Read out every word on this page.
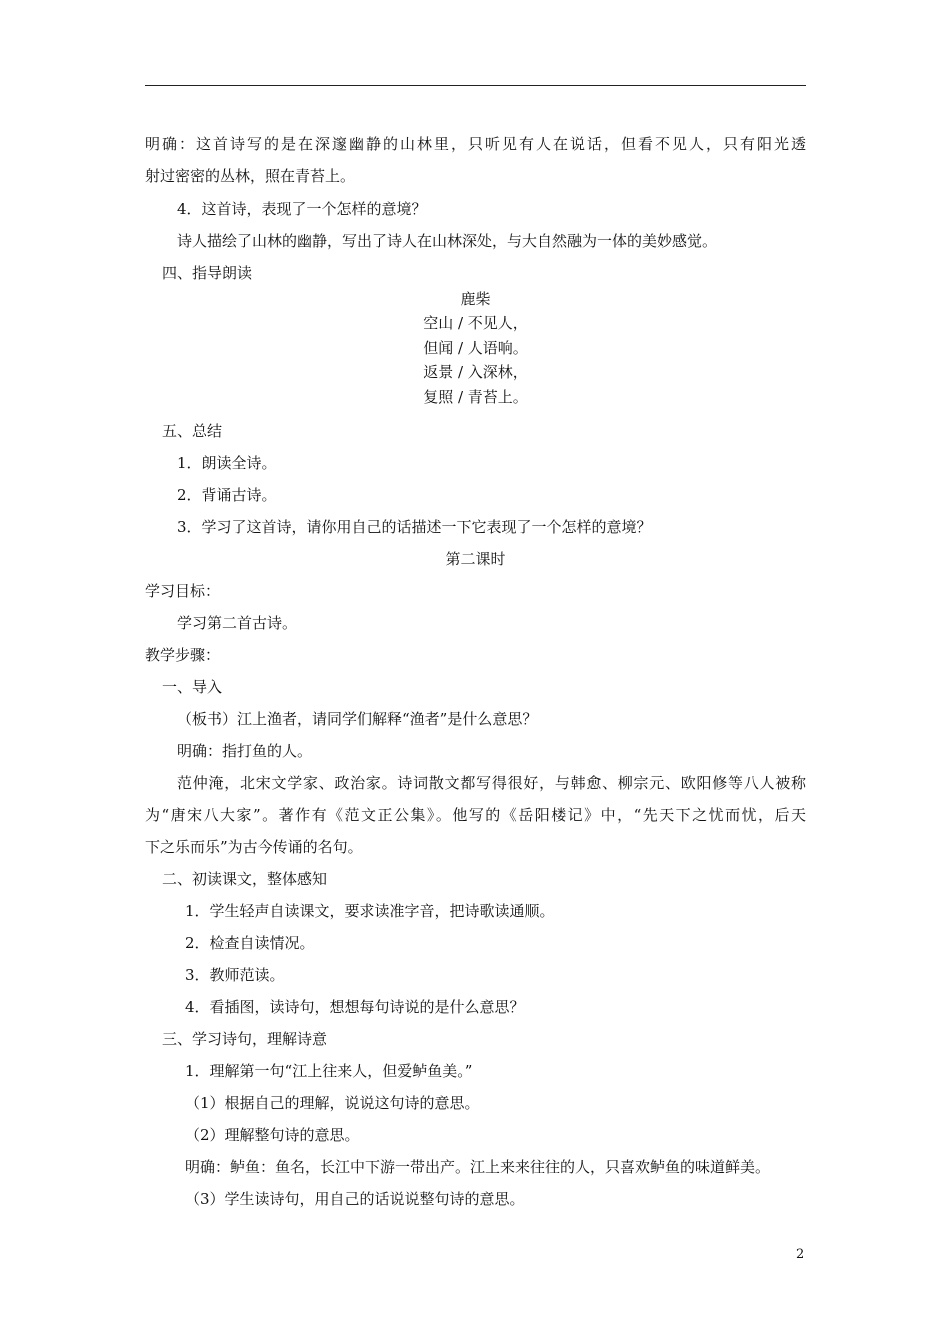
明确：这首诗写的是在深邃幽静的山林里，只听见有人在说话，但看不见人，只有阳光透
射过密密的丛林，照在青苔上。
4．这首诗，表现了一个怎样的意境？
诗人描绘了山林的幽静，写出了诗人在山林深处，与大自然融为一体的美妙感觉。
四、指导朗读
鹿柴
空山 / 不见人，
但闻 / 人语响。
返景 / 入深林，
复照 / 青苔上。
五、总结
1．朗读全诗。
2．背诵古诗。
3．学习了这首诗，请你用自己的话描述一下它表现了一个怎样的意境？
第二课时
学习目标：
学习第二首古诗。
教学步骤：
一、导入
（板书）江上渔者，请同学们解释“渔者”是什么意思？
明确：指打鱼的人。
范仲淹，北宋文学家、政治家。诗词散文都写得很好，与韩愈、柳宗元、欧阳修等八人被称
为“唐宋八大家”。著作有《范文正公集》。他写的《岳阳楼记》中，“先天下之忧而忧，后天
下之乐而乐”为古今传诵的名句。
二、初读课文，整体感知
1．学生轻声自读课文，要求读准字音，把诗歌读通顺。
2．检查自读情况。
3．教师范读。
4．看插图，读诗句，想想每句诗说的是什么意思？
三、学习诗句，理解诗意
1．理解第一句“江上往来人，但爱鲈鱼美。”
（1）根据自己的理解，说说这句诗的意思。
（2）理解整句诗的意思。
明确：鲈鱼：鱼名，长江中下游一带出产。江上来来往往的人，只喜欢鲈鱼的味道鲜美。
（3）学生读诗句，用自己的话说说整句诗的意思。
2
